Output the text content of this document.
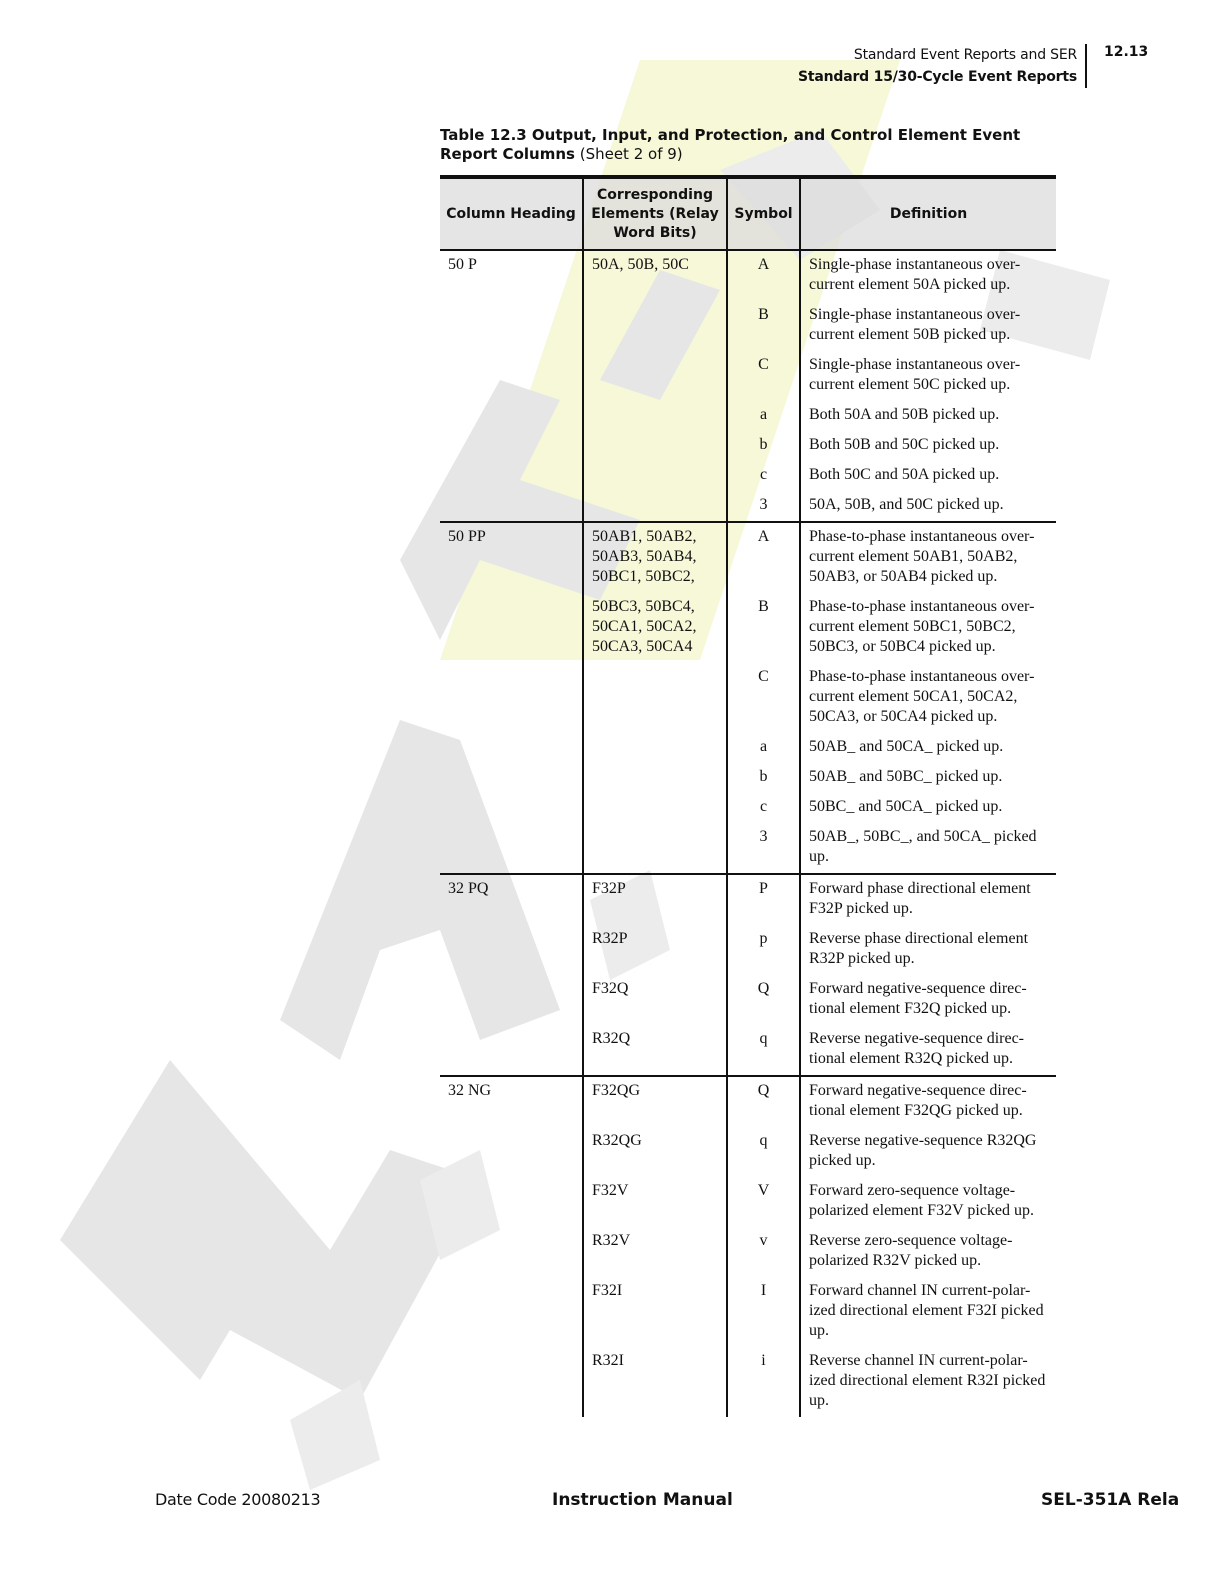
Standard Event Reports and SER
Standard 15/30-Cycle Event Reports
12.13
Table 12.3 Output, Input, and Protection, and Control Element Event Report Columns (Sheet 2 of 9)
Column Heading	Corresponding Elements (Relay Word Bits)	Symbol	Definition
50 P	50A, 50B, 50C	A	Single-phase instantaneous over-current element 50A picked up.
		B	Single-phase instantaneous over-current element 50B picked up.
		C	Single-phase instantaneous over-current element 50C picked up.
		a	Both 50A and 50B picked up.
		b	Both 50B and 50C picked up.
		c	Both 50C and 50A picked up.
		3	50A, 50B, and 50C picked up.
50 PP	50AB1, 50AB2, 50AB3, 50AB4, 50BC1, 50BC2,	A	Phase-to-phase instantaneous over-current element 50AB1, 50AB2, 50AB3, or 50AB4 picked up.
	50BC3, 50BC4, 50CA1, 50CA2, 50CA3, 50CA4	B	Phase-to-phase instantaneous over-current element 50BC1, 50BC2, 50BC3, or 50BC4 picked up.
		C	Phase-to-phase instantaneous over-current element 50CA1, 50CA2, 50CA3, or 50CA4 picked up.
		a	50AB_ and 50CA_ picked up.
		b	50AB_ and 50BC_ picked up.
		c	50BC_ and 50CA_ picked up.
		3	50AB_, 50BC_, and 50CA_ picked up.
32 PQ	F32P	P	Forward phase directional element F32P picked up.
	R32P	p	Reverse phase directional element R32P picked up.
	F32Q	Q	Forward negative-sequence direc-tional element F32Q picked up.
	R32Q	q	Reverse negative-sequence direc-tional element R32Q picked up.
32 NG	F32QG	Q	Forward negative-sequence direc-tional element F32QG picked up.
	R32QG	q	Reverse negative-sequence R32QG picked up.
	F32V	V	Forward zero-sequence voltage-polarized element F32V picked up.
	R32V	v	Reverse zero-sequence voltage-polarized R32V picked up.
	F32I	I	Forward channel IN current-polar-ized directional element F32I picked up.
	R32I	i	Reverse channel IN current-polar-ized directional element R32I picked up.
Date Code 20080213	Instruction Manual	SEL-351A Rela
